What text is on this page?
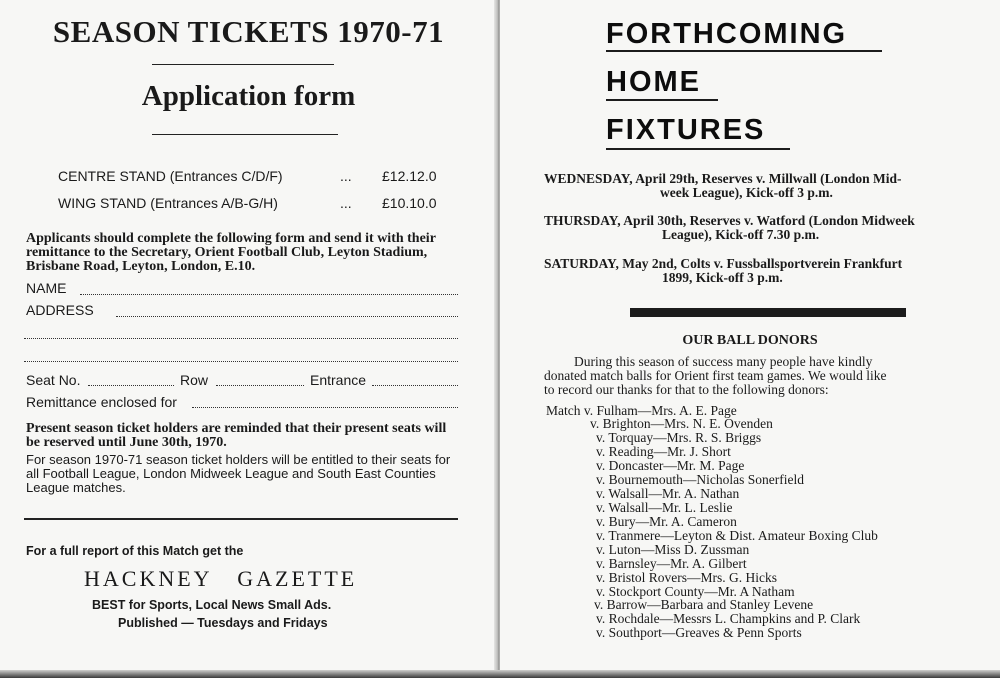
SEASON TICKETS 1970-71
Application form
CENTRE STAND (Entrances C/D/F)	... £12.12.0
WING STAND (Entrances A/B-G/H)	... £10.10.0
Applicants should complete the following form and send it with their remittance to the Secretary, Orient Football Club, Leyton Stadium, Brisbane Road, Leyton, London, E.10.
NAME
ADDRESS
Seat No.	Row	Entrance
Remittance enclosed for
Present season ticket holders are reminded that their present seats will be reserved until June 30th, 1970.
For season 1970-71 season ticket holders will be entitled to their seats for all Football League, London Midweek League and South East Counties League matches.
For a full report of this Match get the
HACKNEY   GAZETTE
BEST for Sports, Local News Small Ads.
Published — Tuesdays and Fridays
FORTHCOMING
HOME
FIXTURES
WEDNESDAY, April 29th, Reserves v. Millwall (London Mid-
week League), Kick-off 3 p.m.
THURSDAY, April 30th, Reserves v. Watford (London Midweek
League), Kick-off 7.30 p.m.
SATURDAY, May 2nd, Colts v. Fussballsportverein Frankfurt
1899, Kick-off 3 p.m.
OUR BALL DONORS
During this season of success many people have kindly
donated match balls for Orient first team games. We would like
to record our thanks for that to the following donors:
Match v. Fulham—Mrs. A. E. Page
v. Brighton—Mrs. N. E. Ovenden
v. Torquay—Mrs. R. S. Briggs
v. Reading—Mr. J. Short
v. Doncaster—Mr. M. Page
v. Bournemouth—Nicholas Sonerfield
v. Walsall—Mr. A. Nathan
v. Walsall—Mr. L. Leslie
v. Bury—Mr. A. Cameron
v. Tranmere—Leyton & Dist. Amateur Boxing Club
v. Luton—Miss D. Zussman
v. Barnsley—Mr. A. Gilbert
v. Bristol Rovers—Mrs. G. Hicks
v. Stockport County—Mr. A Natham
v. Barrow—Barbara and Stanley Levene
v. Rochdale—Messrs L. Champkins and P. Clark
v. Southport—Greaves & Penn Sports
